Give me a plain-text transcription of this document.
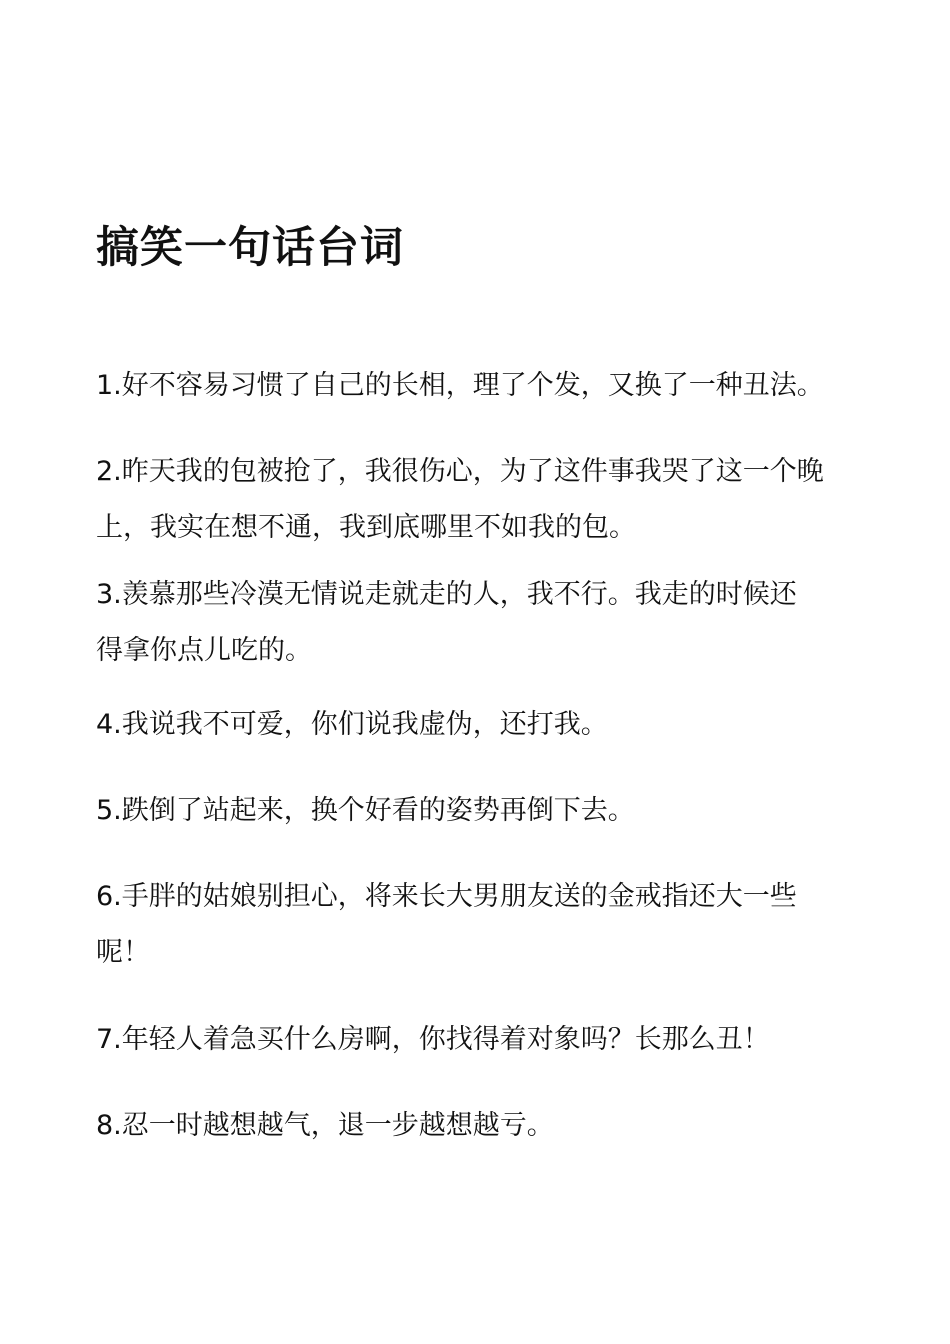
搞笑一句话台词

1.好不容易习惯了自己的长相，理了个发，又换了一种丑法。

2.昨天我的包被抢了，我很伤心，为了这件事我哭了这一个晚
上，我实在想不通，我到底哪里不如我的包。

3.羡慕那些冷漠无情说走就走的人，我不行。我走的时候还
得拿你点儿吃的。

4.我说我不可爱，你们说我虚伪，还打我。

5.跌倒了站起来，换个好看的姿势再倒下去。

6.手胖的姑娘别担心，将来长大男朋友送的金戒指还大一些
呢！

7.年轻人着急买什么房啊，你找得着对象吗？长那么丑！

8.忍一时越想越气，退一步越想越亏。
